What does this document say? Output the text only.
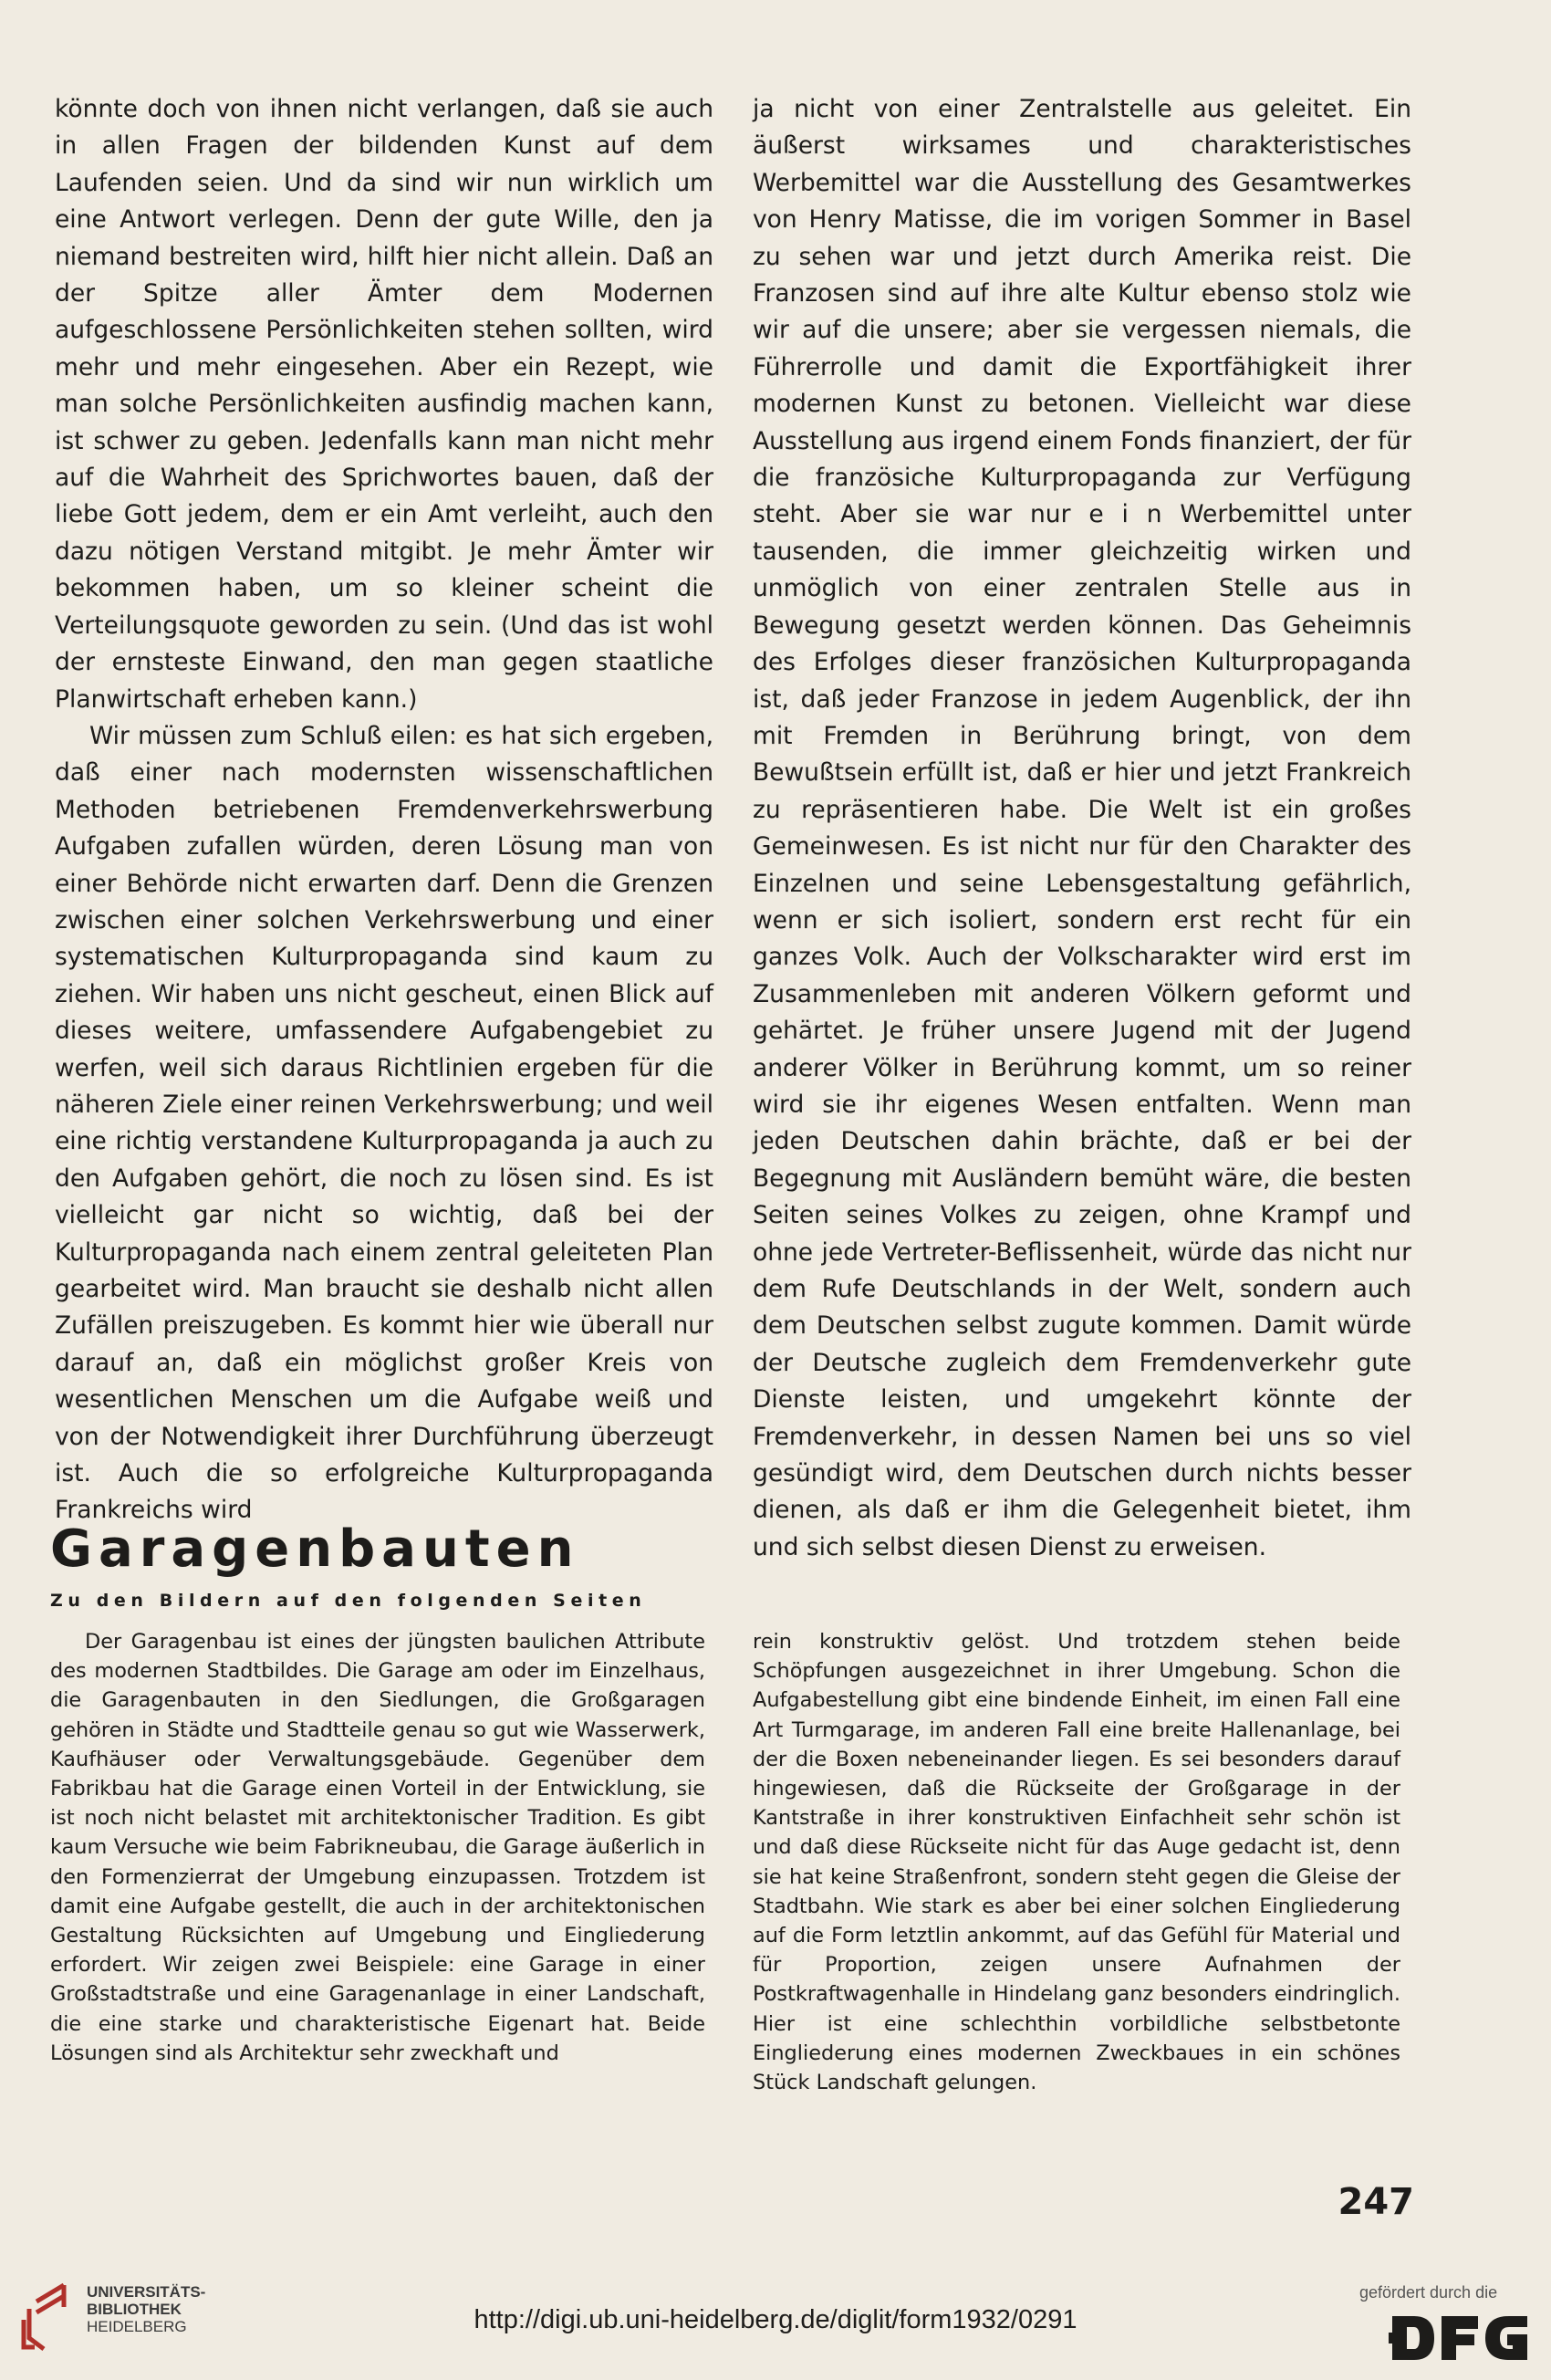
könnte doch von ihnen nicht verlangen, daß sie auch in allen Fragen der bildenden Kunst auf dem Laufenden seien. Und da sind wir nun wirklich um eine Antwort verlegen. Denn der gute Wille, den ja niemand bestreiten wird, hilft hier nicht allein. Daß an der Spitze aller Ämter dem Modernen aufgeschlossene Persönlichkeiten stehen sollten, wird mehr und mehr eingesehen. Aber ein Rezept, wie man solche Persönlichkeiten ausfindig machen kann, ist schwer zu geben. Jedenfalls kann man nicht mehr auf die Wahrheit des Sprichwortes bauen, daß der liebe Gott jedem, dem er ein Amt verleiht, auch den dazu nötigen Verstand mitgibt. Je mehr Ämter wir bekommen haben, um so kleiner scheint die Verteilungsquote geworden zu sein. (Und das ist wohl der ernsteste Einwand, den man gegen staatliche Planwirtschaft erheben kann.)

Wir müssen zum Schluß eilen: es hat sich ergeben, daß einer nach modernsten wissenschaftlichen Methoden betriebenen Fremdenverkehrswerbung Aufgaben zufallen würden, deren Lösung man von einer Behörde nicht erwarten darf. Denn die Grenzen zwischen einer solchen Verkehrswerbung und einer systematischen Kulturpropaganda sind kaum zu ziehen. Wir haben uns nicht gescheut, einen Blick auf dieses weitere, umfassendere Aufgabengebiet zu werfen, weil sich daraus Richtlinien ergeben für die näheren Ziele einer reinen Verkehrswerbung; und weil eine richtig verstandene Kulturpropaganda ja auch zu den Aufgaben gehört, die noch zu lösen sind. Es ist vielleicht gar nicht so wichtig, daß bei der Kulturpropaganda nach einem zentral geleiteten Plan gearbeitet wird. Man braucht sie deshalb nicht allen Zufällen preiszugeben. Es kommt hier wie überall nur darauf an, daß ein möglichst großer Kreis von wesentlichen Menschen um die Aufgabe weiß und von der Notwendigkeit ihrer Durchführung überzeugt ist. Auch die so erfolgreiche Kulturpropaganda Frankreichs wird

ja nicht von einer Zentralstelle aus geleitet. Ein äußerst wirksames und charakteristisches Werbemittel war die Ausstellung des Gesamtwerkes von Henry Matisse, die im vorigen Sommer in Basel zu sehen war und jetzt durch Amerika reist. Die Franzosen sind auf ihre alte Kultur ebenso stolz wie wir auf die unsere; aber sie vergessen niemals, die Führerrolle und damit die Exportfähigkeit ihrer modernen Kunst zu betonen. Vielleicht war diese Ausstellung aus irgend einem Fonds finanziert, der für die französiche Kulturpropaganda zur Verfügung steht. Aber sie war nur e i n Werbemittel unter tausenden, die immer gleichzeitig wirken und unmöglich von einer zentralen Stelle aus in Bewegung gesetzt werden können. Das Geheimnis des Erfolges dieser französichen Kulturpropaganda ist, daß jeder Franzose in jedem Augenblick, der ihn mit Fremden in Berührung bringt, von dem Bewußtsein erfüllt ist, daß er hier und jetzt Frankreich zu repräsentieren habe. Die Welt ist ein großes Gemeinwesen. Es ist nicht nur für den Charakter des Einzelnen und seine Lebensgestaltung gefährlich, wenn er sich isoliert, sondern erst recht für ein ganzes Volk. Auch der Volkscharakter wird erst im Zusammenleben mit anderen Völkern geformt und gehärtet. Je früher unsere Jugend mit der Jugend anderer Völker in Berührung kommt, um so reiner wird sie ihr eigenes Wesen entfalten. Wenn man jeden Deutschen dahin brächte, daß er bei der Begegnung mit Ausländern bemüht wäre, die besten Seiten seines Volkes zu zeigen, ohne Krampf und ohne jede Vertreter-Beflissenheit, würde das nicht nur dem Rufe Deutschlands in der Welt, sondern auch dem Deutschen selbst zugute kommen. Damit würde der Deutsche zugleich dem Fremdenverkehr gute Dienste leisten, und umgekehrt könnte der Fremdenverkehr, in dessen Namen bei uns so viel gesündigt wird, dem Deutschen durch nichts besser dienen, als daß er ihm die Gelegenheit bietet, ihm und sich selbst diesen Dienst zu erweisen.

Garagenbauten
Zu den Bildern auf den folgenden Seiten

Der Garagenbau ist eines der jüngsten baulichen Attribute des modernen Stadtbildes. Die Garage am oder im Einzelhaus, die Garagenbauten in den Siedlungen, die Großgaragen gehören in Städte und Stadtteile genau so gut wie Wasserwerk, Kaufhäuser oder Verwaltungsgebäude. Gegenüber dem Fabrikbau hat die Garage einen Vorteil in der Entwicklung, sie ist noch nicht belastet mit architektonischer Tradition. Es gibt kaum Versuche wie beim Fabrikneubau, die Garage äußerlich in den Formenzierrat der Umgebung einzupassen. Trotzdem ist damit eine Aufgabe gestellt, die auch in der architektonischen Gestaltung Rücksichten auf Umgebung und Eingliederung erfordert. Wir zeigen zwei Beispiele: eine Garage in einer Großstadtstraße und eine Garagenanlage in einer Landschaft, die eine starke und charakteristische Eigenart hat. Beide Lösungen sind als Architektur sehr zweckhaft und

rein konstruktiv gelöst. Und trotzdem stehen beide Schöpfungen ausgezeichnet in ihrer Umgebung. Schon die Aufgabestellung gibt eine bindende Einheit, im einen Fall eine Art Turmgarage, im anderen Fall eine breite Hallenanlage, bei der die Boxen nebeneinander liegen. Es sei besonders darauf hingewiesen, daß die Rückseite der Großgarage in der Kantstraße in ihrer konstruktiven Einfachheit sehr schön ist und daß diese Rückseite nicht für das Auge gedacht ist, denn sie hat keine Straßenfront, sondern steht gegen die Gleise der Stadtbahn. Wie stark es aber bei einer solchen Eingliederung auf die Form letztlin ankommt, auf das Gefühl für Material und für Proportion, zeigen unsere Aufnahmen der Postkraftwagenhalle in Hindelang ganz besonders eindringlich. Hier ist eine schlechthin vorbildliche selbstbetonte Eingliederung eines modernen Zweckbaues in ein schönes Stück Landschaft gelungen.

247
UNIVERSITÄTS-
BIBLIOTHEK
HEIDELBERG	http://digi.ub.uni-heidelberg.de/diglit/form1932/0291
gefördert durch die
